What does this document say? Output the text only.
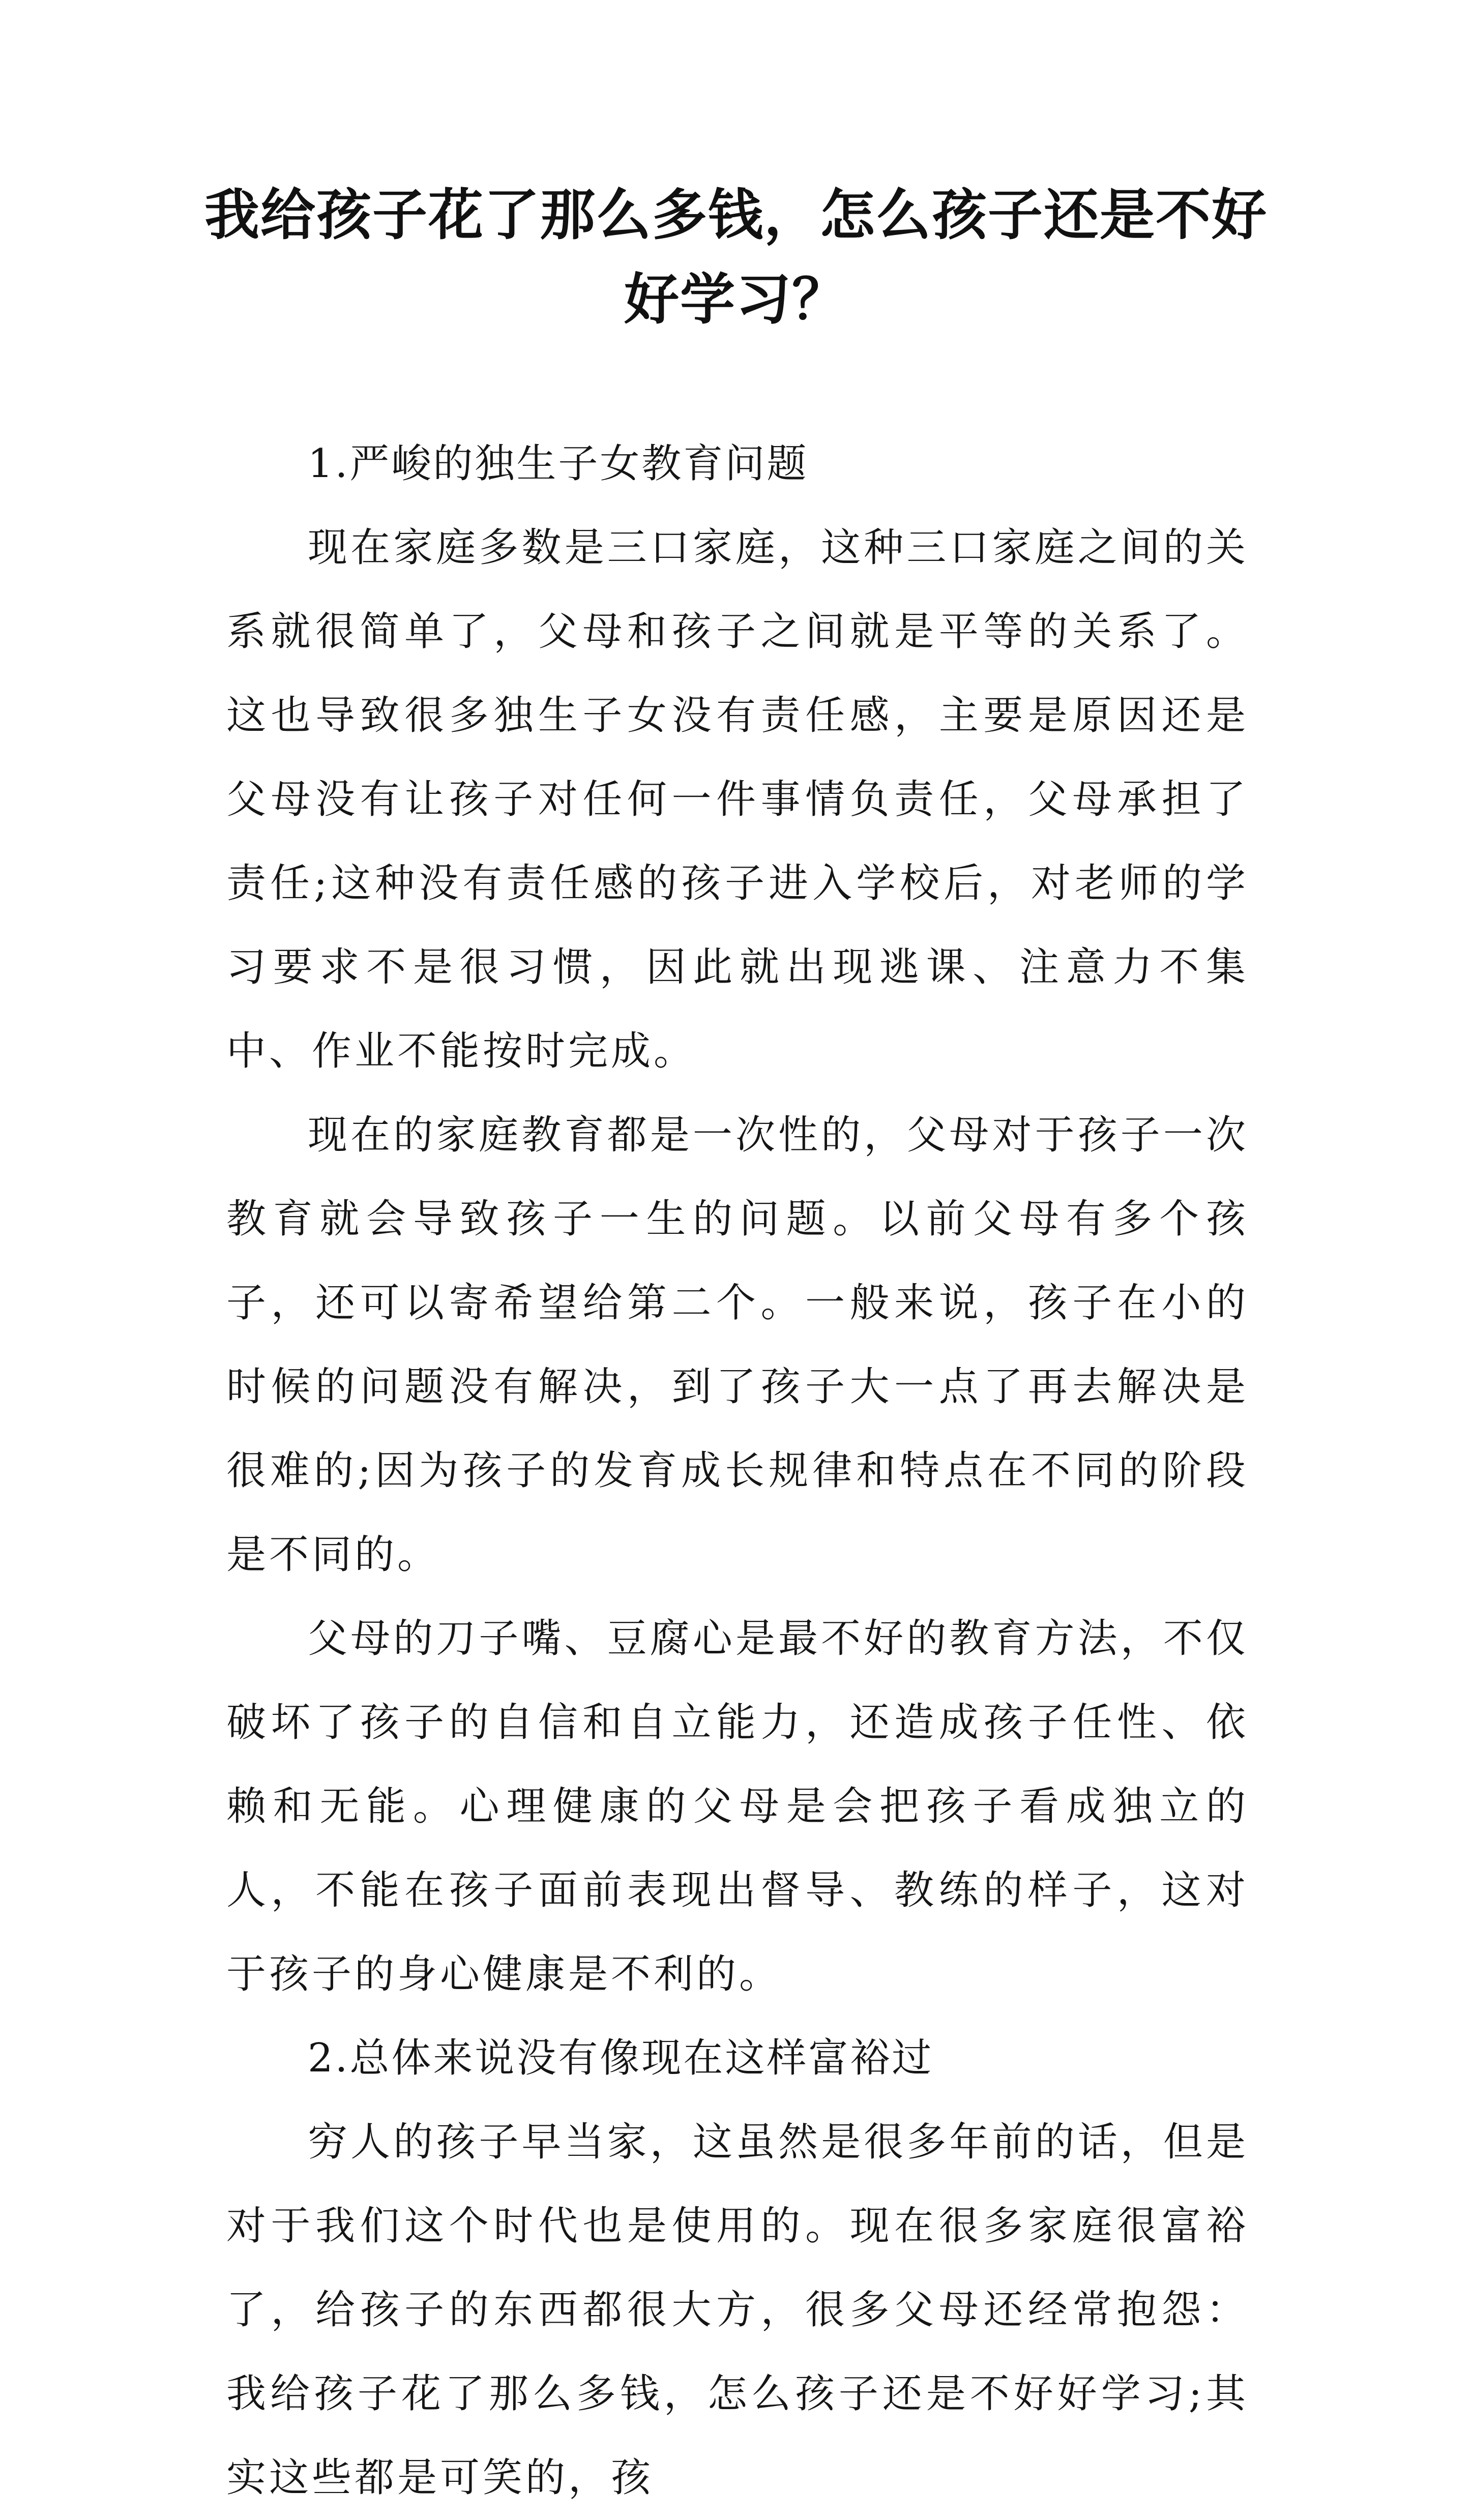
我给孩子花了那么多钱，怎么孩子还是不好好学习？

1.严峻的独生子女教育问题

现在家庭多数是三口家庭，这种三口家庭之间的关系就很简单了，父母和孩子之间就是平等的关系了。这也导致很多独生子女没有责任感，主要是原因还是父母没有让孩子对任何一件事情负责任，父母承担了责任;这种没有责任感的孩子进入学校后，对老师的学习要求不是很习惯，因此就出现逃课、注意力不集中、作业不能按时完成。

现在的家庭教育都是一次性的，父母对于孩子一次教育就会导致孩子一生的问题。以前父母有多个孩子，还可以寄希望给第二个。一般来说，孩子在小的时候的问题没有解决，到了孩子大一点了再去解决是很难的;因为孩子的发育成长规律和特点在不同的阶段是不同的。

父母的刀子嘴、豆腐心是最不好的教育方法，不仅破坏了孩子的自信和自立能力，还造成孩子任性、依赖和无能。心理健康的父母是会把孩子看成独立的人，不能在孩子面前表现出督导、教练的样子，这对于孩子的身心健康是不利的。

2.总体来说没有像现在这样富裕过

穷人的孩子早当家，这虽然是很多年前的话，但是对于我们这个时代也是使用的。现在很多家庭很富裕了，给孩子的东西都很大方，很多父母还经常抱怨：我给孩子花了那么多钱，怎么孩子还是不好好学习;其实这些都是可笑的，孩
